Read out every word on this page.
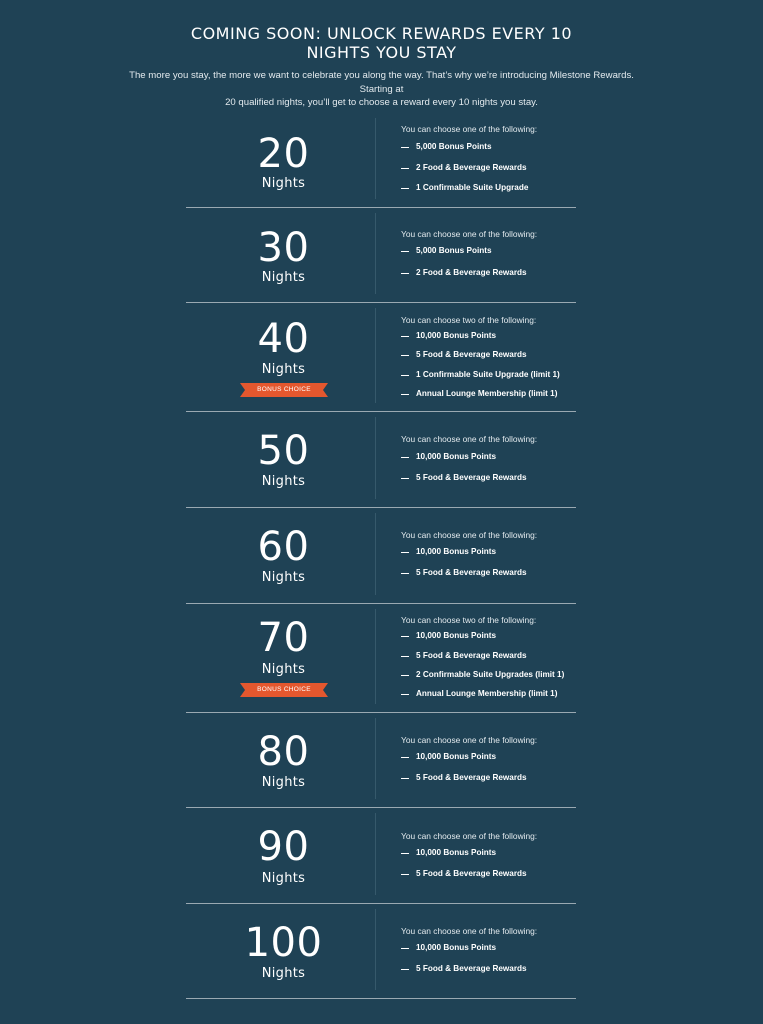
COMING SOON: UNLOCK REWARDS EVERY 10
NIGHTS YOU STAY

The more you stay, the more we want to celebrate you along the way. That’s why we’re introducing Milestone Rewards. Starting at
20 qualified nights, you’ll get to choose a reward every 10 nights you stay.

20
Nights
You can choose one of the following:
5,000 Bonus Points
2 Food & Beverage Rewards
1 Confirmable Suite Upgrade
30
Nights
You can choose one of the following:
5,000 Bonus Points
2 Food & Beverage Rewards
40
Nights
BONUS CHOICE
You can choose two of the following:
10,000 Bonus Points
5 Food & Beverage Rewards
1 Confirmable Suite Upgrade (limit 1)
Annual Lounge Membership (limit 1)
50
Nights
You can choose one of the following:
10,000 Bonus Points
5 Food & Beverage Rewards
60
Nights
You can choose one of the following:
10,000 Bonus Points
5 Food & Beverage Rewards
70
Nights
BONUS CHOICE
You can choose two of the following:
10,000 Bonus Points
5 Food & Beverage Rewards
2 Confirmable Suite Upgrades (limit 1)
Annual Lounge Membership (limit 1)
80
Nights
You can choose one of the following:
10,000 Bonus Points
5 Food & Beverage Rewards
90
Nights
You can choose one of the following:
10,000 Bonus Points
5 Food & Beverage Rewards
100
Nights
You can choose one of the following:
10,000 Bonus Points
5 Food & Beverage Rewards
